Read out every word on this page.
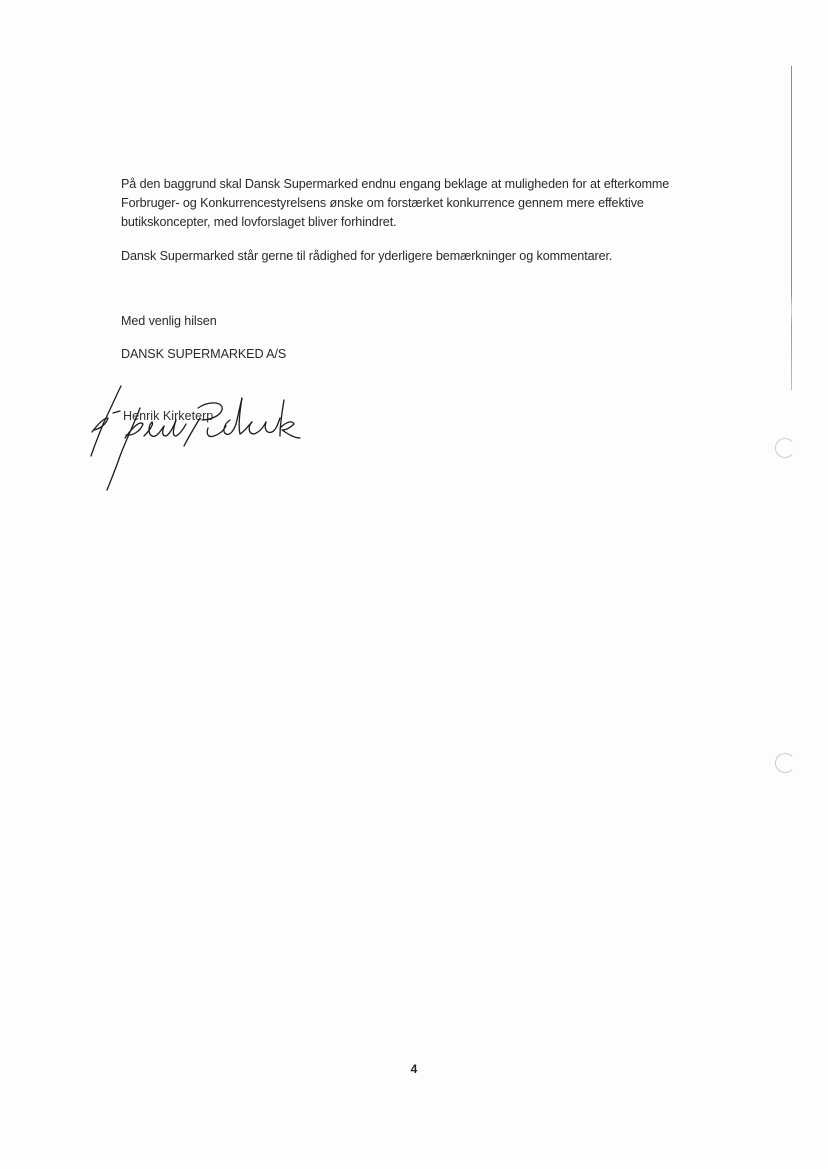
På den baggrund skal Dansk Supermarked endnu engang beklage at muligheden for at efterkomme Forbruger- og Konkurrencestyrelsens ønske om forstærket konkurrence gennem mere effektive butikskoncepter, med lovforslaget bliver forhindret.

Dansk Supermarked står gerne til rådighed for yderligere bemærkninger og kommentarer.

Med venlig hilsen

DANSK SUPERMARKED A/S

Henrik Kirketerp
4
